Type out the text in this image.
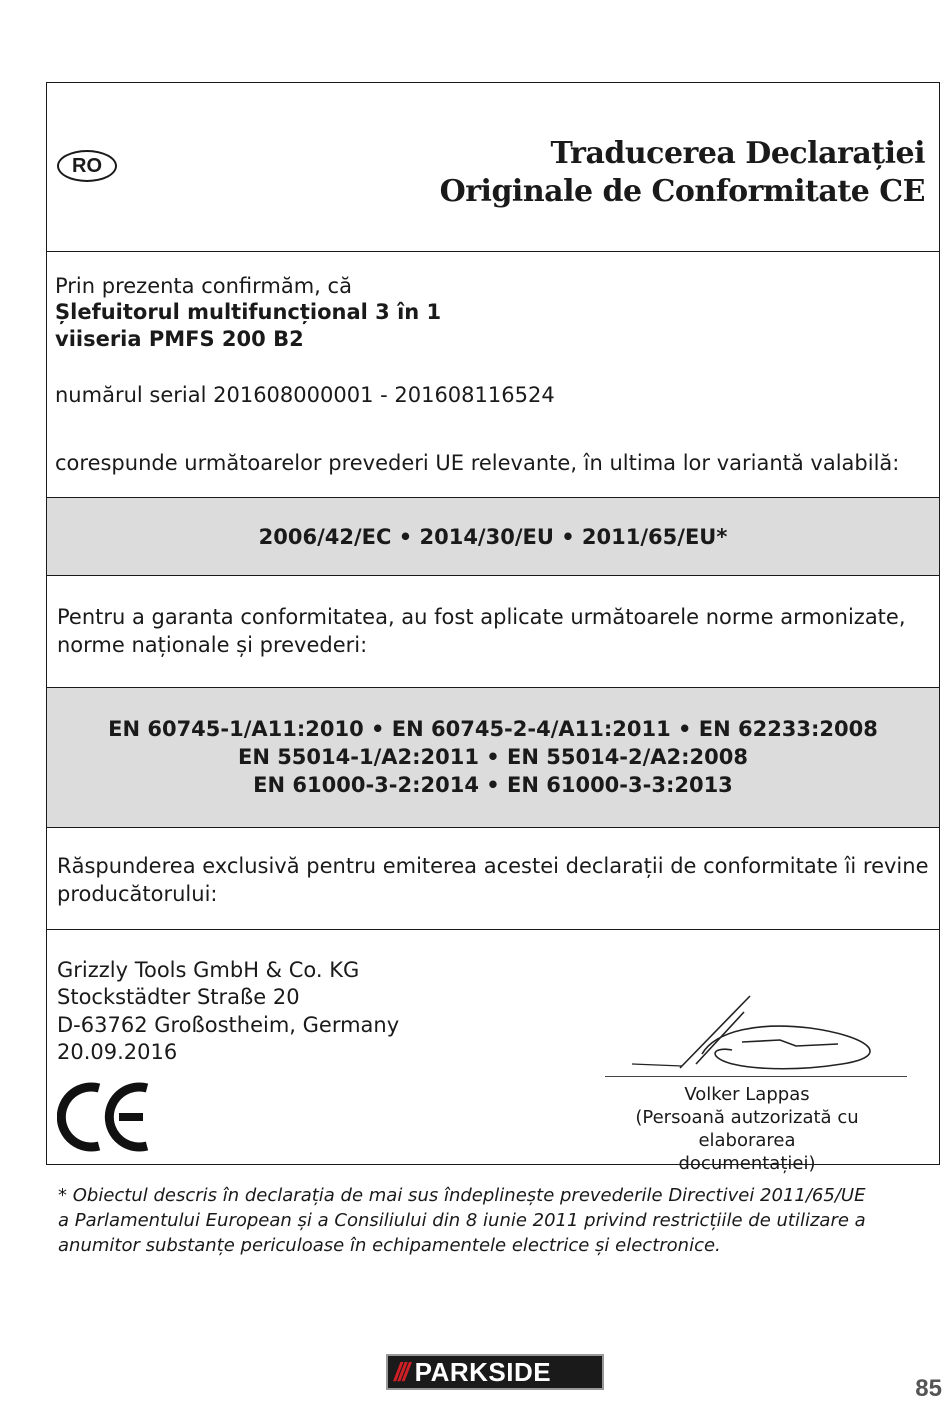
RO	Traducerea Declarației
Originale de Conformitate CE

Prin prezenta confirmăm, că

Șlefuitorul multifuncțional 3 în 1

viiseria PMFS 200 B2

numărul serial 201608000001 - 201608116524

corespunde următoarelor prevederi UE relevante, în ultima lor variantă valabilă:

2006/42/EC • 2014/30/EU • 2011/65/EU*

Pentru a garanta conformitatea, au fost aplicate următoarele norme armonizate,

norme naționale și prevederi:

EN 60745-1/A11:2010 • EN 60745-2-4/A11:2011 • EN 62233:2008
EN 55014-1/A2:2011 • EN 55014-2/A2:2008
EN 61000-3-2:2014 • EN 61000-3-3:2013

Răspunderea exclusivă pentru emiterea acestei declarații de conformitate îi revine

producătorului:

Grizzly Tools GmbH & Co. KG

Stockstädter Straße 20

D-63762 Großostheim, Germany

20.09.2016

Volker Lappas
(Persoană autzorizată cu elaborarea
documentației)
* Obiectul descris în declarația de mai sus îndeplinește prevederile Directivei 2011/65/UE
a Parlamentului European și a Consiliului din 8 iunie 2011 privind restricțiile de utilizare a
anumitor substanțe periculoase în echipamentele electrice și electronice.
/// PARKSIDE
85
